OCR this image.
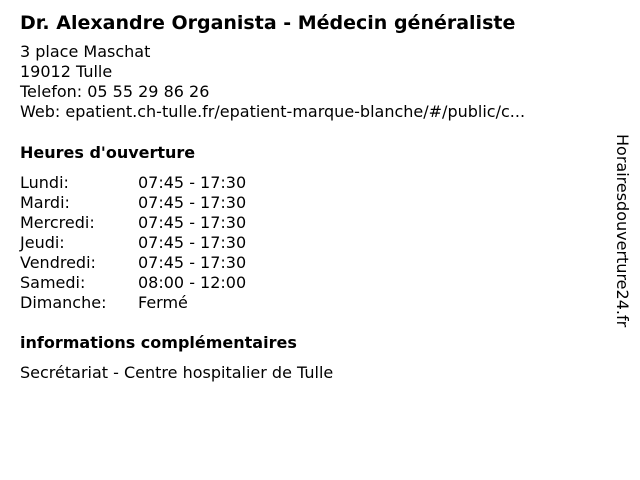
Dr. Alexandre Organista - Médecin généraliste
3 place Maschat
19012 Tulle
Telefon: 05 55 29 86 26
Web: epatient.ch-tulle.fr/epatient-marque-blanche/#/public/c...
Heures d'ouverture
Lundi:	07:45 - 17:30
Mardi:	07:45 - 17:30
Mercredi:	07:45 - 17:30
Jeudi:	07:45 - 17:30
Vendredi:	07:45 - 17:30
Samedi:	08:00 - 12:00
Dimanche:	Fermé
informations complémentaires
Secrétariat - Centre hospitalier de Tulle
Horairesdouverture24.fr
